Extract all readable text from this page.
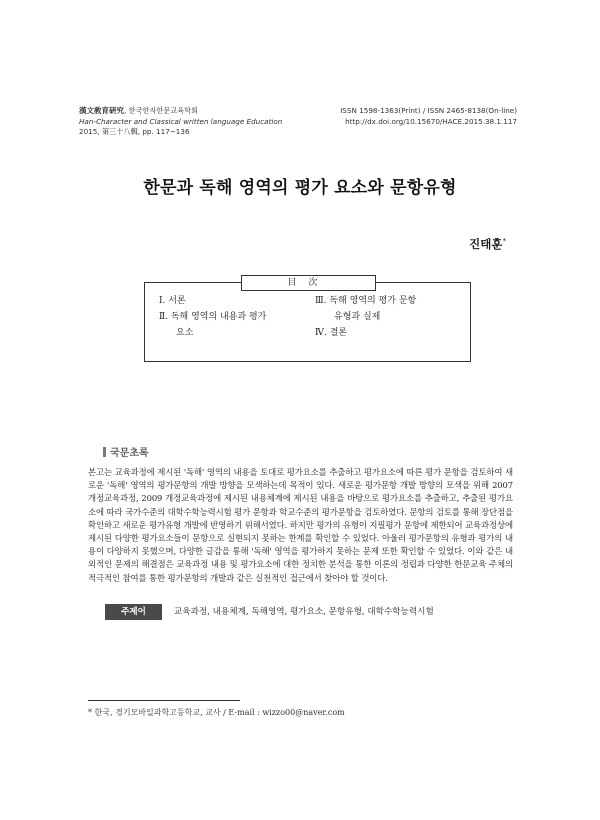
漢文敎育硏究, 한국한자한문교육학회
Han-Character and Classical written language Education
2015, 第三十八輯, pp. 117~136
ISSN 1598-1363(Print) / ISSN 2465-8138(On-line)
http://dx.doi.org/10.15670/HACE.2015.38.1.117
한문과 독해 영역의 평가 요소와 문항유형
진태훈*
目次
Ⅰ. 서론
Ⅱ. 독해 영역의 내용과 평가
요소
Ⅲ. 독해 영역의 평가 문항
유형과 실제
Ⅳ. 결론
국문초록

본고는 교육과정에 제시된 '독해' 영역의 내용을 토대로 평가요소를 추출하고 평가요소에 따른 평가 문항을 검토하여 새로운 '독해' 영역의 평가문항의 개발 방향을 모색하는데 목적이 있다. 새로운 평가문항 개발 방향의 모색을 위해 2007 개정교육과정, 2009 개정교육과정에 제시된 내용체계에 제시된 내용을 바탕으로 평가요소를 추출하고, 추출된 평가요소에 따라 국가수준의 대학수학능력시험 평가 문항과 학교수준의 평가문항을 검토하였다. 문항의 검토를 통해 장단점을 확인하고 새로운 평가유형 개발에 반영하기 위해서였다. 하지만 평가의 유형이 지필평가 문항에 제한되어 교육과정상에 제시된 다양한 평가요소들이 문항으로 실현되지 못하는 한계를 확인할 수 있었다. 아울러 평가문항의 유형과 평가의 내용이 다양하지 못했으며, 다양한 글감을 통해 '독해' 영역을 평가하지 못하는 문제 또한 확인할 수 있었다. 이와 같은 내외적인 문제의 해결점은 교육과정 내용 및 평가요소에 대한 정치한 분석을 통한 이론의 정립과 다양한 한문교육 주체의 적극적인 참여를 통한 평가문항의 개발과 같은 실천적인 접근에서 찾아야 할 것이다.

주제어	교육과정, 내용체계, 독해영역, 평가요소, 문항유형, 대학수학능력시험
* 한국, 경기모바일과학고등학교, 교사 / E-mail : wizzo00@naver.com
